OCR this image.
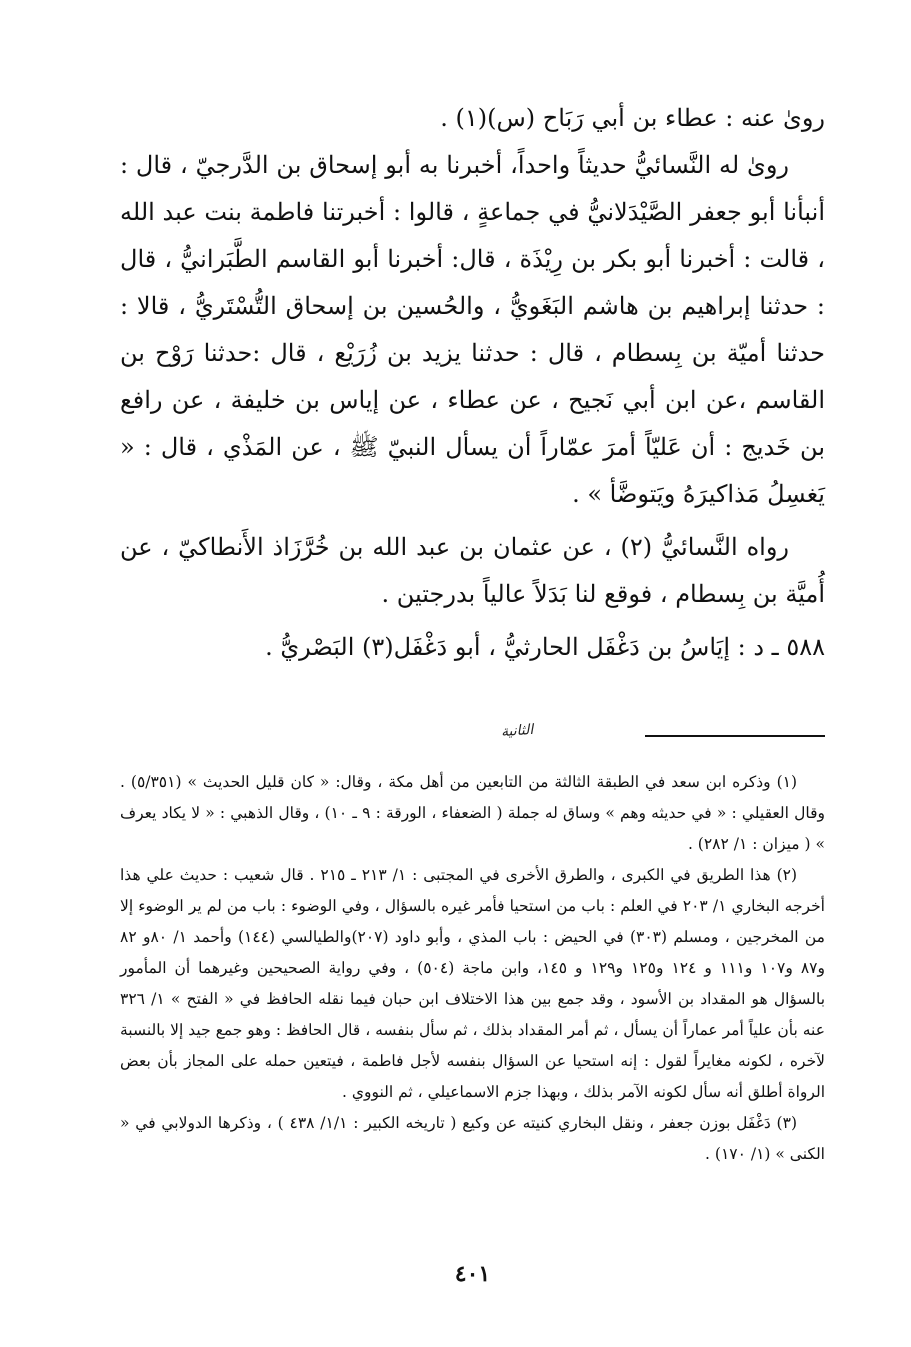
روىٰ عنه : عطاء بن أبي رَبَاح (س)(١) .

روىٰ له النَّسائيُّ حديثاً واحداً، أخبرنا به أبو إسحاق بن الدَّرجيّ ، قال : أنبأنا أبو جعفر الصَّيْدَلانيُّ في جماعةٍ ، قالوا : أخبرتنا فاطمة بنت عبد الله ، قالت : أخبرنا أبو بكر بن رِيْذَة ، قال: أخبرنا أبو القاسم الطَّبَرانيُّ ، قال : حدثنا إبراهيم بن هاشم البَغَويُّ ، والحُسين بن إسحاق التُّسْتَريُّ ، قالا : حدثنا أميّة بن بِسطام ، قال : حدثنا يزيد بن زُرَيْع ، قال :حدثنا رَوْح بن القاسم ،عن ابن أبي نَجيح ، عن عطاء ، عن إياس بن خليفة ، عن رافع بن خَديج : أن عَليّاً أمرَ عمّاراً أن يسأل النبيّ ﷺ ، عن المَذْي ، قال : « يَغسِلُ مَذاكيرَهُ ويَتوضَّأ » .

رواه النَّسائيُّ (٢) ، عن عثمان بن عبد الله بن خُرَّزَاذ الأَنطاكيّ ، عن أُميَّة بن بِسطام ، فوقع لنا بَدَلاً عالياً بدرجتين .

٥٨٨ ـ د : إيَاسُ بن دَغْفَل الحارثيُّ ، أبو دَغْفَل(٣) البَصْريُّ .

الثانية

(١) وذكره ابن سعد في الطبقة الثالثة من التابعين من أهل مكة ، وقال: « كان قليل الحديث » (٥/٣٥١) . وقال العقيلي : « في حديثه وهم » وساق له جملة ( الضعفاء ، الورقة : ٩ ـ ١٠) ، وقال الذهبي : « لا يكاد يعرف » ( ميزان : ١/ ٢٨٢) .

(٢) هذا الطريق في الكبرى ، والطرق الأخرى في المجتبى : ١/ ٢١٣ ـ ٢١٥ . قال شعيب : حديث علي هذا أخرجه البخاري ١/ ٢٠٣ في العلم : باب من استحيا فأمر غيره بالسؤال ، وفي الوضوء : باب من لم ير الوضوء إلا من المخرجين ، ومسلم (٣٠٣) في الحيض : باب المذي ، وأبو داود (٢٠٧)والطيالسي (١٤٤) وأحمد ١/ ٨٠و ٨٢ و٨٧ و١٠٧ و١١١ و ١٢٤ و١٢٥ و١٢٩ و ١٤٥، وابن ماجة (٥٠٤) ، وفي رواية الصحيحين وغيرهما أن المأمور بالسؤال هو المقداد بن الأسود ، وقد جمع بين هذا الاختلاف ابن حبان فيما نقله الحافظ في « الفتح » ١/ ٣٢٦ عنه بأن علياً أمر عماراً أن يسأل ، ثم أمر المقداد بذلك ، ثم سأل بنفسه ، قال الحافظ : وهو جمع جيد إلا بالنسبة لآخره ، لكونه مغايراً لقول : إنه استحيا عن السؤال بنفسه لأجل فاطمة ، فيتعين حمله على المجاز بأن بعض الرواة أطلق أنه سأل لكونه الآمر بذلك ، وبهذا جزم الاسماعيلي ، ثم النووي .

(٣) دَغْفَل بوزن جعفر ، ونقل البخاري كنيته عن وكيع ( تاريخه الكبير : ١/١/ ٤٣٨ ) ، وذكرها الدولابي في « الكنى » (١/ ١٧٠) .

٤٠١
